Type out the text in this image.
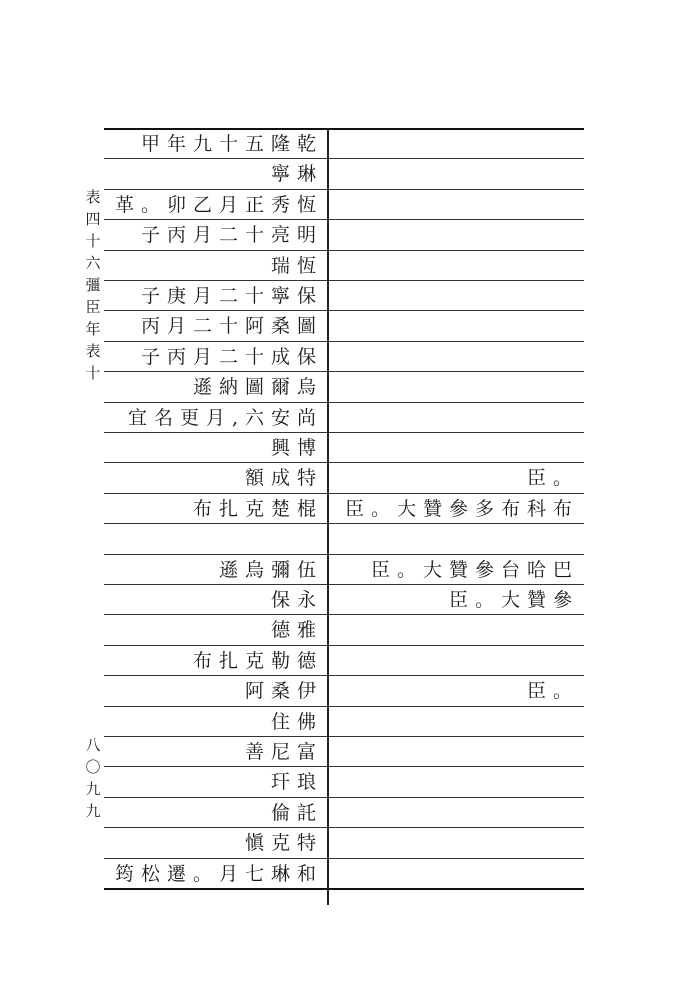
表四十六　彊臣年表十
八〇九九
甲年九十五隆乾
寧琳
革。卯乙月正秀恆
子丙月二十亮明
瑞恆
子庚月二十寧保
丙月二十阿桑圖
子丙月二十成保
遜納圖爾烏
宜名更月,六安尚
興博
額成特	臣。
布扎克楚棍 臣。大贊參多布科布
遜烏彌伍	臣。大贊參台哈巴
保永	臣。大贊參
德雅
布扎克勒德
阿桑伊	臣。
住佛
善尼富
玕琅
倫託
愼克特
筠松遷。月七琳和
